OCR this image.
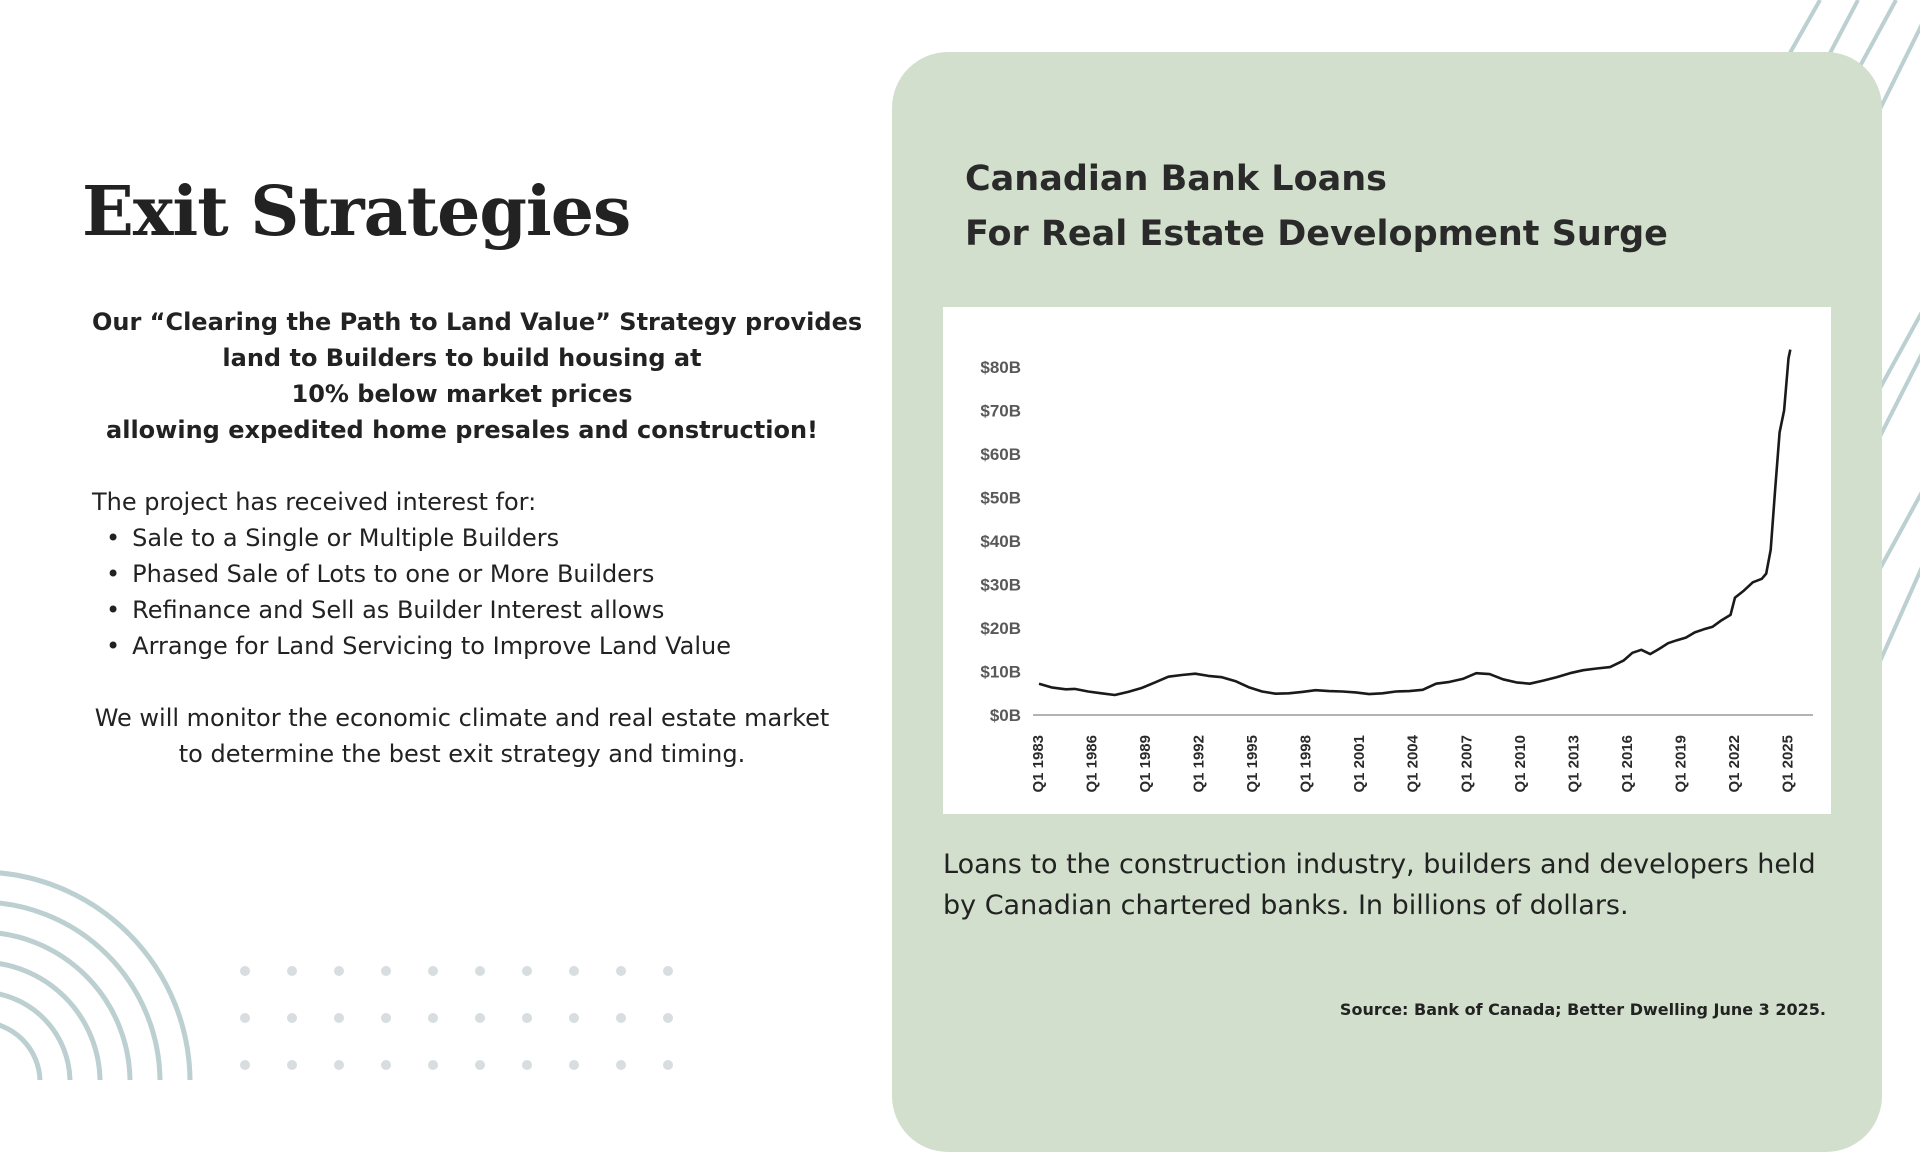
Exit Strategies
Our “Clearing the Path to Land Value” Strategy provides
land to Builders to build housing at
10% below market prices
allowing expedited home presales and construction!
The project has received interest for:
• Sale to a Single or Multiple Builders
• Phased Sale of Lots to one or More Builders
• Refinance and Sell as Builder Interest allows
• Arrange for Land Servicing to Improve Land Value
We will monitor the economic climate and real estate market
to determine the best exit strategy and timing.
Canadian Bank Loans
For Real Estate Development Surge
$0B
$10B
$20B
$30B
$40B
$50B
$60B
$70B
$80B
Q1 1983 Q1 1986 Q1 1989 Q1 1992 Q1 1995 Q1 1998 Q1 2001 Q1 2004 Q1 2007 Q1 2010 Q1 2013 Q1 2016 Q1 2019 Q1 2022 Q1 2025
Loans to the construction industry, builders and developers held by Canadian chartered banks. In billions of dollars.
Source: Bank of Canada; Better Dwelling June 3 2025.
